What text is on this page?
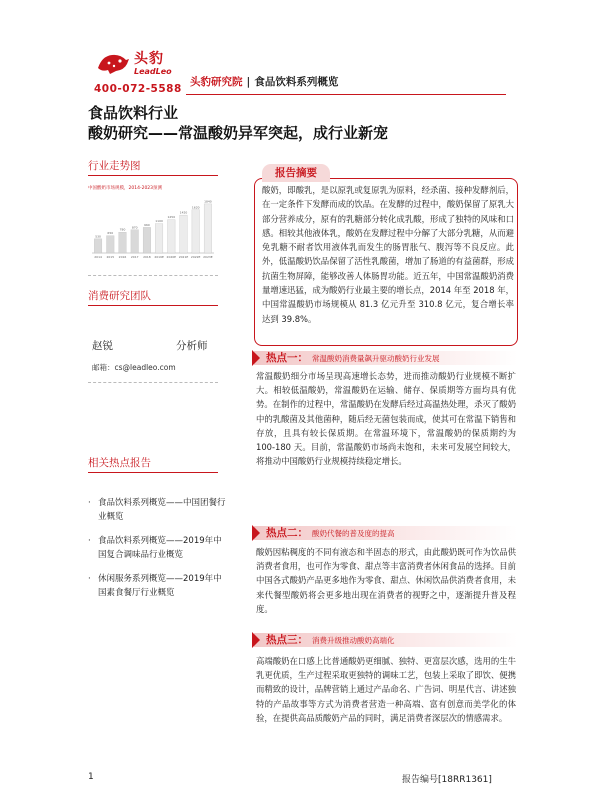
头豹
LeadLeo
400-072-5588
头豹研究院 | 食品饮料系列概览
食品饮料行业
酸奶研究——常温酸奶异军突起，成行业新宠
行业走势图
中国酸奶市场规模，2014-2023预测
530
2014
650
2015
780
2016
870
2017
960
2018
1100
2019E
1250
2020E
1420
2021E
1620
2022E
1840
2023E
消费研究团队
赵锐	分析师
邮箱：cs@leadleo.com
相关热点报告
· 食品饮料系列概览——中国团餐行业概览
· 食品饮料系列概览——2019年中国复合调味品行业概览
· 休闲服务系列概览——2019年中国素食餐厅行业概览
报告摘要
酸奶，即酸乳，是以原乳或复原乳为原料，经杀菌、接种发酵剂后，在一定条件下发酵而成的饮品。在发酵的过程中，酸奶保留了原乳大部分营养成分，原有的乳糖部分转化成乳酸，形成了独特的风味和口感。相较其他液体乳，酸奶在发酵过程中分解了大部分乳糖，从而避免乳糖不耐者饮用液体乳而发生的肠胃胀气、腹泻等不良反应。此外，低温酸奶饮品保留了活性乳酸菌，增加了肠道的有益菌群，形成抗菌生物屏障，能够改善人体肠胃功能。近五年，中国常温酸奶消费量增速迅猛，成为酸奶行业最主要的增长点，2014 年至 2018 年，中国常温酸奶市场规模从 81.3 亿元升至 310.8 亿元，复合增长率达到 39.8%。
热点一： 常温酸奶消费量飙升驱动酸奶行业发展
常温酸奶细分市场呈现高速增长态势，进而推动酸奶行业规模不断扩大。相较低温酸奶，常温酸奶在运输、储存、保质期等方面均具有优势。在制作的过程中，常温酸奶在发酵后经过高温热处理，杀灭了酸奶中的乳酸菌及其他菌种，随后经无菌包装而成，使其可在常温下销售和存放，且具有较长保质期。在常温环境下，常温酸奶的保质期约为 100-180 天。目前，常温酸奶市场尚未饱和，未来可发展空间较大，将推动中国酸奶行业规模持续稳定增长。
热点二： 酸奶代餐的普及度的提高
酸奶因粘稠度的不同有液态和半固态的形式，由此酸奶既可作为饮品供消费者食用，也可作为零食、甜点等丰富消费者休闲食品的选择。目前中国各式酸奶产品更多地作为零食、甜点、休闲饮品供消费者食用，未来代餐型酸奶将会更多地出现在消费者的视野之中，逐渐提升普及程度。
热点三： 消费升级推动酸奶高端化
高端酸奶在口感上比普通酸奶更细腻、独特、更富层次感，选用的生牛乳更优质，生产过程采取更独特的调味工艺，包装上采取了即饮、便携而精致的设计，品牌营销上通过产品命名、广告词、明星代言、讲述独特的产品故事等方式为消费者营造一种高端、富有创意而美学化的体验，在提供高品质酸奶产品的同时，满足消费者深层次的情感需求。
1	报告编号[18RR1361]
